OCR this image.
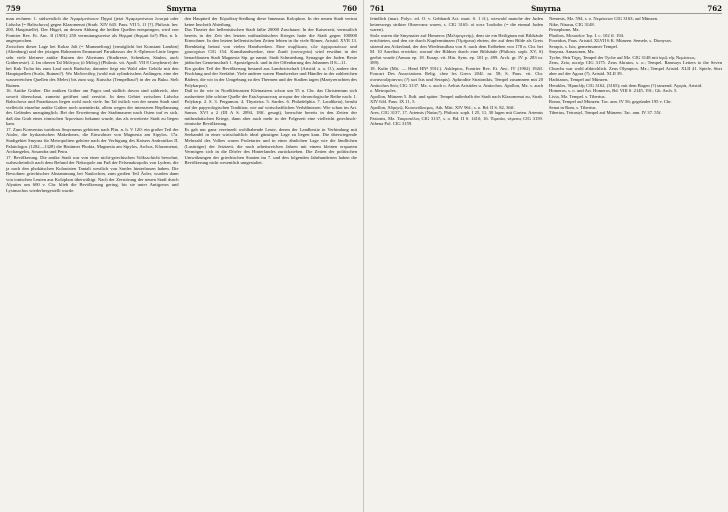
759	Smyrna	760

man rechnen: 1. südwestlich die Ἀγαμέμνόνειον Πηγαί (jetzt Ἀγαμεμνόνειοι λουτρά oder Lidscha [= Baltschova] gegen Klazomenai (Strab. XIV 645. Paus. VII 5, 11 [?]. Philostr. her. 200, Hauptstelle). Der Hügel, an dessen Abhang die heißen Quellen entspringen, wird von Fontrier Rev. Et. Anc. II (1901) 250 vermutungsweise als Θερμαί (θερμαί ἴα?) Plin. n. h. angesprochen.

Zwischen dieser Lage bei Kokar Jali (= Mummeltorg) [ermöglicht bei Konstant Lambin] (Altenburg) und der jetzigen Balnearien Emmanuel Paradiassos der S.-Ephesos-Linie liegen sehr viele kleinere antike Ruinen der Altertums (Stadtreste, Schenken, Säulen, auch Gräberreste). 2. Im oberen Tal Μέλητος (ὁ Μέλης) (Philostr. vit. Apoll. VII 8 Conybeare) der bei Kuk Tscha bis zum Lauf nach Budscha; darunter liegt ein Wald oder Gehölz mit den Hauptquellen (Scala, Ruinen?). Wo Μεδοντίδης (wohl mit zylindrischen Anfängen, eine der wasserreichen Quellen des Meles) bis zum sog. Kutscha (Tempelbau?) in der zu Buku. Sieh Ruinen.

16. Antike Gräber. Die antiken Gräber am Pagos und südlich davon sind zahlreich, aber soweit überschaut, zumeist geöffnet und zerstört. In dem Gebiet zwischen Lidscha Baltschova und Paradiassos liegen wohl noch viele. Im Tal östlich von der neuen Stadt sind vielleicht einzelne antike Gräber noch unentdeckt, allein wegen der intensiven Bepflanzung des Geländes unzugänglich. Bei der Erweiterung der Stadtmauern nach Osten traf es sich, daß das Grab eines römischen Ἱερονίκου bekannt wurde, das als erweiterte Stadt zu liegen kam.

17. Zum Konventus iuridicus Smyrnaeus gehörten nach Plin. n. h. V 120: ein großer Teil der Aioler, die hyrkanischen Makedones, die Einwohner von Magnesia am Sipylos. 17a. Stadtgebiet Smyrna für Metropoliten gehörte nach der Verfügung des Kaisers Andronikos II. Palaiologos (1282—1328) die Bistümer Phokia, Magnesia am Sipylos, Archos, Klazomenai, Archangelos, Sosandra und Petra.

17. Bevölkerung. Die antike Stadt war von einer nicht-griechischen Volksschicht bewohnt, wahrscheinlich nach dem Befund der Nekropole am Fuß der Felsenakropolis von Lydern, die ja nach den phokäischen Kolonisten Tantali westlich von Sardes hinterlassen haben. Die Bewohner griechischer Abstammung bei Naulochon, zum großen Teil Äoler, wurden dann von ionischen Leuten aus Kolophon überwältigt. Nach der Zerstörung der neuen Stadt durch Alyattes um 600 v. Chr. blieb die Bevölkerung gering, bis sie unter Antigonos und Lysimachos wiederhergestellt wurde.

den Hauptteil der Εὐρυδίκη-Siedlung diese Innenaus Kolophon. In der neuen Stadt vertrat keine Inschrift Abteilung.

Das Theater der hellenistischen Stadt faßte 20000 Zuschauer. In der Kaiserzeit, vermutlich bereits in der Zeit des letzten mithradatischen Krieges hatte die Stadt gegen 100000 Einwohner. In den letzten hellenistischen Zeiten lebten in ihr viele Römer, Aristid. XVII 13. Ebenbürtig betont von vielen Handwerken. Eine συμβίωσις τῶν ἀργυροκόπων und χρυσοχόων CIG 154. Kunsthandwerker, eine Zunft (συντεχνία) wird erwähnt in der benachbarten Stadt Magnesia Sip. ge nannt; Stadt Schmiedung. Synagoge der Juden. Reste jüdischer Gemeinschaft 1. Apostelgesch. und in der Offenbarung des Johannes II 8—11.

Ein großer Teil der Bevölkerung bestand aus Landwirtschaft (Aristid. a. a. O.), andere den Fischfang und der Seefahrt. Viele anderer waren Handwerker und Händler in der zahlreichen Bädern, die wir in der Umgebung zu den Thermen und der Stadien tagen (Martyrerachten des Polykarpos).

Daß in ihr wie in Nordkleinasien Kleinasiens schon um 55 n. Chr. das Christentum sich ausbreitete (die schöne Quelle der Εκκλησιαστικη ιστορια der chronologische Reihe nach: 1. Polykarp. 2. S. 3. Pergamon. 4. Thyateira. 5. Sardes. 6. Philadelphia. 7. Laodikeia), beruht auf der papyrologischen Tradition, wie auf wirtschaftlichen Verhältnissen. Wie schon im Art. Samos XVI a 2 (III A S. 2894, 18ff. gesagt), herrschte bereits in den Zeiten der mithradatischen Kriege, dann aber auch mehr in der Folgezeit eine vielleicht griechisch-römische Bevölkerung.

Es gab nur ganz vereinzelt wohlhabende Leute, denen der Landbesitz in Verbindung mit Seehandel in einer wirtschaftlich ideal günstigen Lage zu liegen kam. Die überwiegende Mehrzahl des Volkes waren Proletarier und in einer ähnlichen Lage wie die ländlichen (Lastträger) der Jetztzeit, die nach arbeitsreichen Jahren mit einem kleinen ersparten Vermögen sich in die Dörfer des Hinterlandes zurückziehen. Die Zeiten der politischen Umwälzungen der griechischen Staaten im 7. und den folgenden Jahrhunderten haben die Bevölkerung nicht wesentlich umgestaltet.

761	Smyrna	762

feindlich (mart. Polyc. ed. O. v. Gebhardt Act. mart. S. 1 ff.), wiewohl manche der Juden keineswegs strikter Observanz waren, s. CIG 3165: οἱ ποτε Ἰουδαῖοι (= die einmal Juden waren).

Stolz waren die Smyrnaier auf Homeros (Μελησιγενής), dem sie ein Heiligtum mit Bildsäule errichteten, und den sie durch Kupfermünzen (Ὁμήρεια) ehrten, der auf dem Bilde als Greis sitzend am Ackerland, der den Wiederaufbau von S. nach dem Erdbeben von 178 n. Chr. bei M. 10 Aurelius erwirkte, worauf der Bildner durch eine Bildsäule (Philostr. soph. XV, S) geehrt wurde (Annou ep. 18. Eusap. vit. Hin. Syns. ep. 101 p. 499. Arch. gr. IV p. 283 nr. 389).

18. Kulte (Mit. — Head HN² 591f.). Asklepios, Fontrier Rev. Et. Anc. IV (1902) 192ff. Foucart Des Associations Relig. chez les Grecs 204f. nr. 58; S. Paus. vit. Chr. συνανουξησαντες (?) καὶ Isis und Serapis). Aphrodite Stratonikis, Tempel zusammen mit 20 Antiochos θεός CIG 3137. Mz. s. auch o. Aelius Aristides u. Antiochos. Apollon, Mz. s. auch o. Metropoles.

Apollon, Münzen 5. Jhdt. und später. Tempel außerhalb der Stadt nach Klazomenai zu, Strab. XIV 644. Paus. IX 11, 5.

Apollon, Ἀδρηνῷ. Κισσινόδεσμος, Ath. Mitt. XIV 96f.; s. o. Bd. II S. 82, 36ff.

Ares, CIG 3137, 17. Artemis (Ναίας?), Philostr. soph. I 25, 11, 30 lagen mit Garten. Artemis Pasionis, Mz. Ταυροπόλος CIG 3137, s. o. Bd. II S. 1410, 16. Ἐφεσία, νέμεσις CIG 3159. Athena Pol. CIG 3159.

Nemesis, Mz. 594, s. o. Νεμέσειον CIG 3163; auf Münzen.

Nike, Νίκαια, CIG 3148.

Persephone, Mz.

Phoibos, Μουσεῖον Ἱερ. I. c. 102 ff. 194.

Poseidon, Paus. Aristid. XLVII 6 K. Münzen. Semele, s. Dionysos.

Serapis, s. Isis; gemeinsamer Tempel.

Smyrna, Amazonen, Mz.

Tyche, Θεὰ Τύχη, Tempel der Tyche auf Mz. CIG 3148 mit ἱερῷ τῆς Νεμέσεως.

Zeus, Ζεὺς σωτήρ CIG 3175. Zeus Akraios, s. o.; Tempel. Ramsays Letters to the Seven Churchs war wohl altkirchlich. Zeus Olympios, Mz.; Tempel Aristid. XLII 41. Spiele, Sitzt aber auf der Agora (?). Aristid. XLII 39.

Hadrianos, Tempel auf Münzen.

Herakles, Ἡρακλῆς CIG 3162, (3165); mit dem Bogen (?) tanzend. Ἀγορὰ, Aristid.

Homeros, s. o. und Art. Homeros, Bd. VIII S. 2145, 19f.; Gb. Arch. 5.

Livia, Mz. Tempel. s. Tiberius.

Roma, Tempel auf Münzen. Tac. ann. IV 56; gegründet 195 v. Chr.

Senat in Rom, s. Tiberius.

Tiberius, Tetrastyl, Tempel auf Münzen. Tac. ann. IV 37. 55f.
